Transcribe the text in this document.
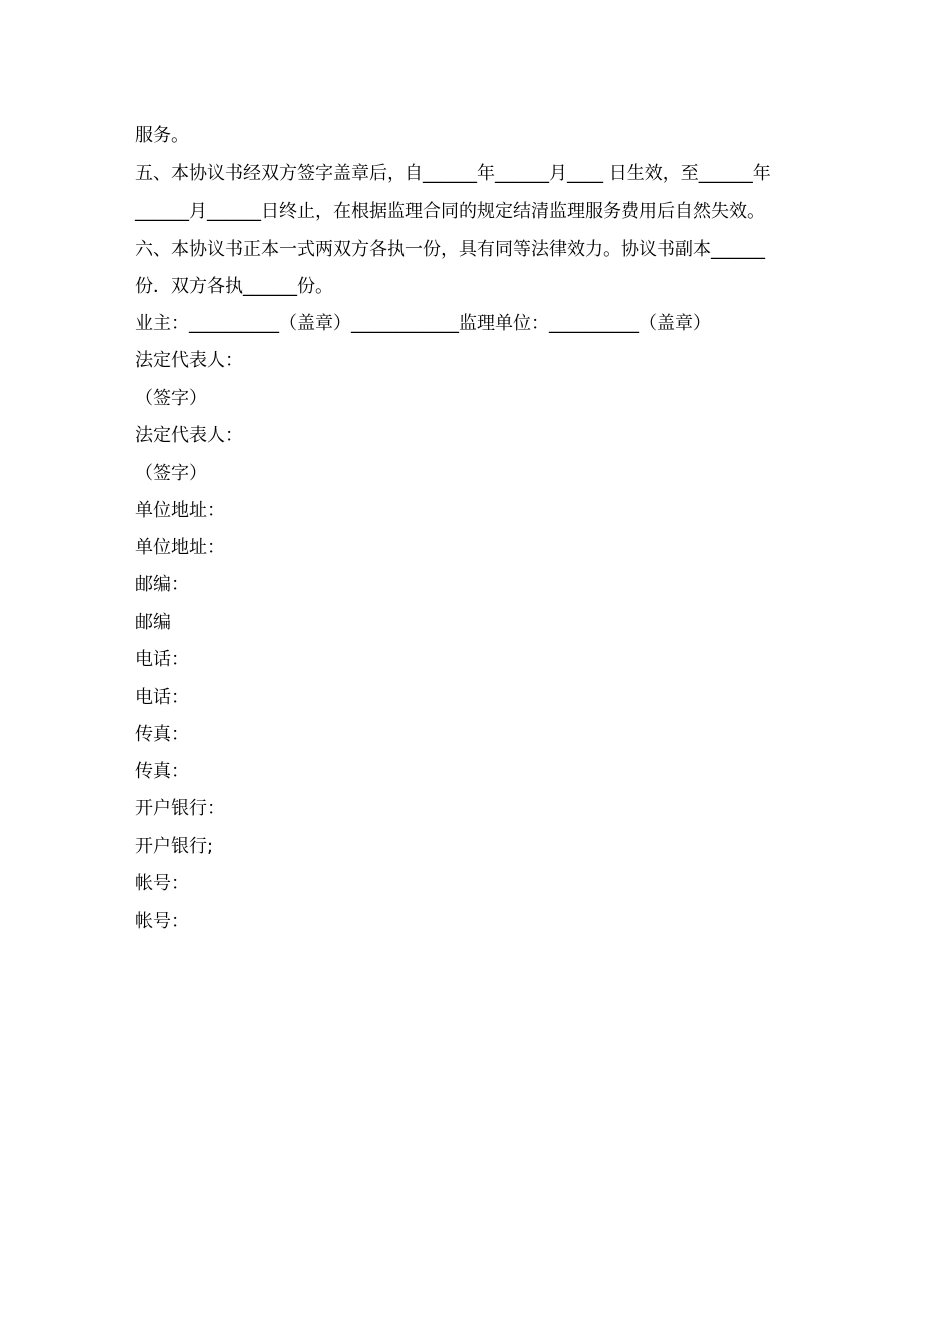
服务。
五、本协议书经双方签字盖章后，自______年______月____ 日生效，至______年
______月______日终止，在根据监理合同的规定结清监理服务费用后自然失效。
六、本协议书正本一式两双方各执一份，具有同等法律效力。协议书副本______
份．双方各执______份。
业主：__________（盖章）____________监理单位：__________（盖章）
法定代表人：
（签字）
法定代表人：
（签字）
单位地址：
单位地址：
邮编：
邮编
电话：
电话：
传真：
传真：
开户银行：
开户银行;
帐号：
帐号：
